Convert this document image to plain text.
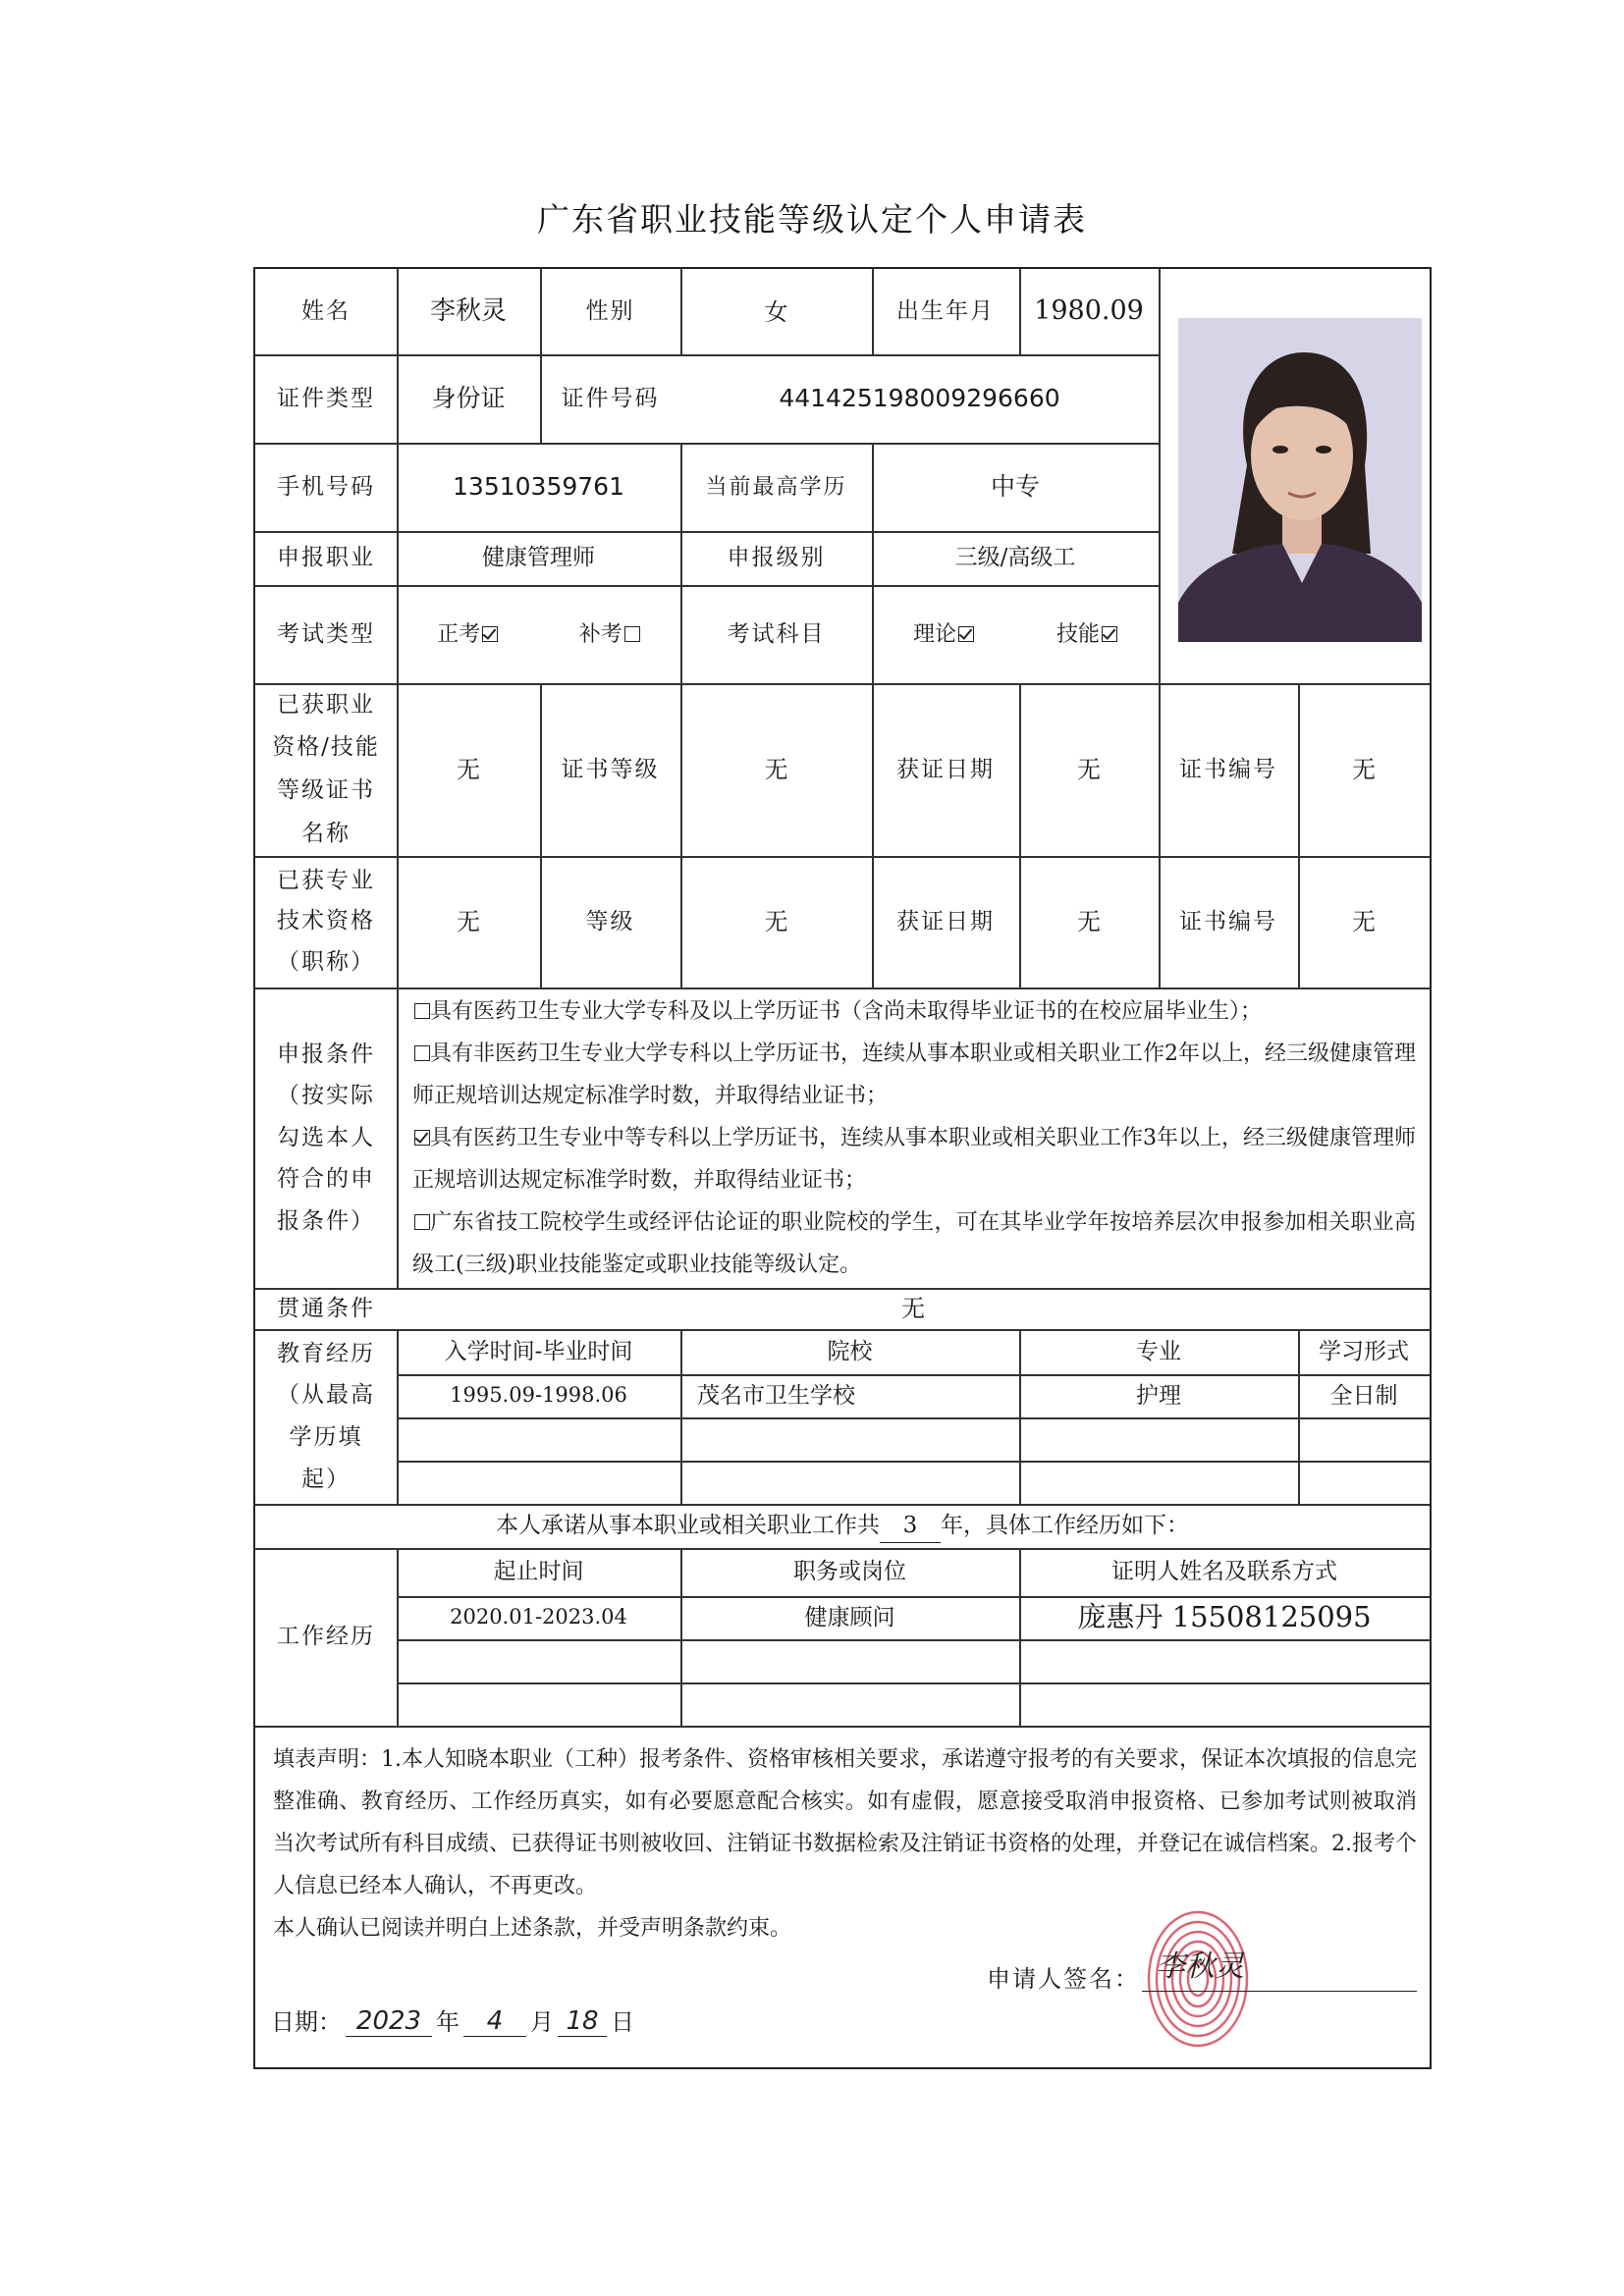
广东省职业技能等级认定个人申请表
姓名	李秋灵	性别	女	出生年月	1980.09
证件类型	身份证	证件号码	441425198009296660
手机号码	13510359761	当前最高学历	中专
申报职业	健康管理师	申报级别	三级/高级工
考试类型	正考	补考	考试科目	理论	技能
已获职业资格/技能等级证书名称
无	证书等级	无	获证日期	无	证书编号	无
已获专业技术资格（职称）
无	等级	无	获证日期	无	证书编号	无
申报条件
（按实际勾选本人符合的申报条件）

具有医药卫生专业大学专科及以上学历证书（含尚未取得毕业证书的在校应届毕业生）；

具有非医药卫生专业大学专科以上学历证书，连续从事本职业或相关职业工作2年以上，经三级健康管理师正规培训达规定标准学时数，并取得结业证书；

具有医药卫生专业中等专科以上学历证书，连续从事本职业或相关职业工作3年以上，经三级健康管理师正规培训达规定标准学时数，并取得结业证书；

广东省技工院校学生或经评估论证的职业院校的学生，可在其毕业学年按培养层次申报参加相关职业高级工(三级)职业技能鉴定或职业技能等级认定。

贯通条件	无
教育经历
（从最高学历填起）
入学时间-毕业时间	院校	专业	学习形式
1995.09-1998.06	茂名市卫生学校	护理	全日制
本人承诺从事本职业或相关职业工作共	3	年，具体工作经历如下：
工作经历
起止时间	职务或岗位	证明人姓名及联系方式
2020.01-2023.04	健康顾问	庞惠丹 15508125095

填表声明：1.本人知晓本职业（工种）报考条件、资格审核相关要求，承诺遵守报考的有关要求，保证本次填报的信息完整准确、教育经历、工作经历真实，如有必要愿意配合核实。如有虚假，愿意接受取消申报资格、已参加考试则被取消当次考试所有科目成绩、已获得证书则被收回、注销证书数据检索及注销证书资格的处理，并登记在诚信档案。2.报考个人信息已经本人确认，不再更改。

本人确认已阅读并明白上述条款，并受声明条款约束。

申请人签名： 李秋灵
日期： 2023 年	4	月 18 日
